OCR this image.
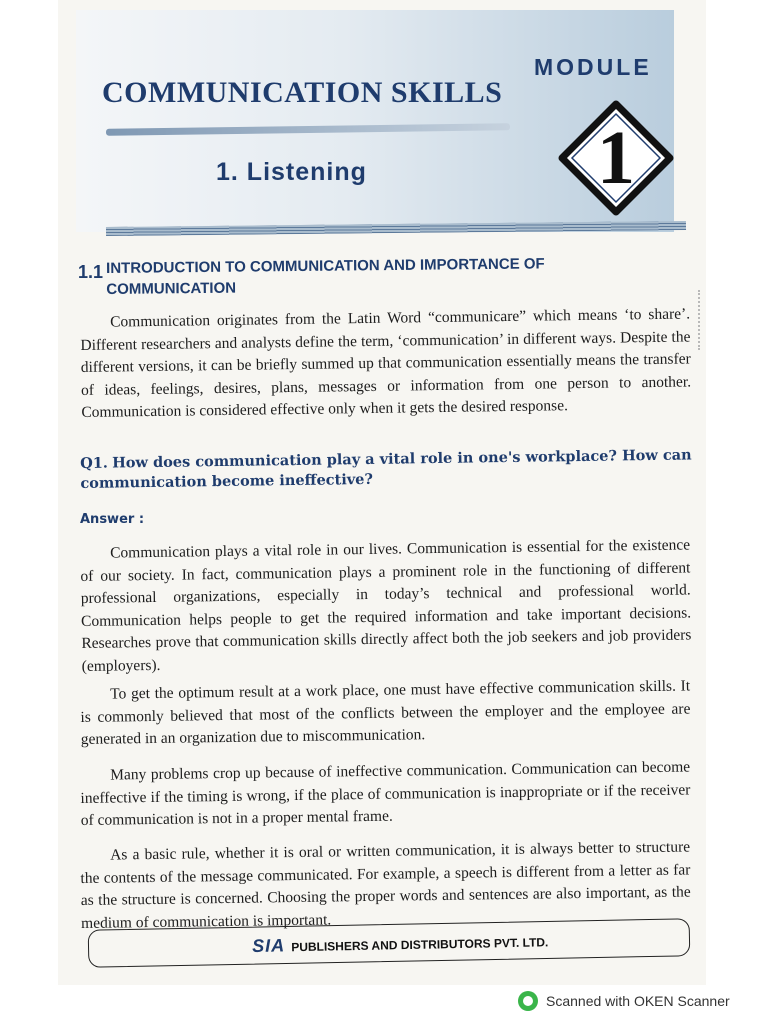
COMMUNICATION SKILLS
MODULE
1
1. Listening
1.1 INTRODUCTION TO COMMUNICATION AND IMPORTANCE OF COMMUNICATION

Communication originates from the Latin Word “communicare” which means ‘to share’. Different researchers and analysts define the term, ‘communication’ in different ways. Despite the different versions, it can be briefly summed up that communication essentially means the transfer of ideas, feelings, desires, plans, messages or information from one person to another. Communication is considered effective only when it gets the desired response.

Q1. How does communication play a vital role in one's workplace? How can communication become ineffective?
Answer :

Communication plays a vital role in our lives. Communication is essential for the existence of our society. In fact, communication plays a prominent role in the functioning of different professional organizations, especially in today’s technical and professional world. Communication helps people to get the required information and take important decisions. Researches prove that communication skills directly affect both the job seekers and job providers (employers).

To get the optimum result at a work place, one must have effective communication skills. It is commonly believed that most of the conflicts between the employer and the employee are generated in an organization due to miscommunication.

Many problems crop up because of ineffective communication. Communication can become ineffective if the timing is wrong, if the place of communication is inappropriate or if the receiver of communication is not in a proper mental frame.

As a basic rule, whether it is oral or written communication, it is always better to structure the contents of the message communicated. For example, a speech is different from a letter as far as the structure is concerned. Choosing the proper words and sentences are also important, as the medium of communication is important.

SIA PUBLISHERS AND DISTRIBUTORS PVT. LTD.
Scanned with OKEN Scanner
